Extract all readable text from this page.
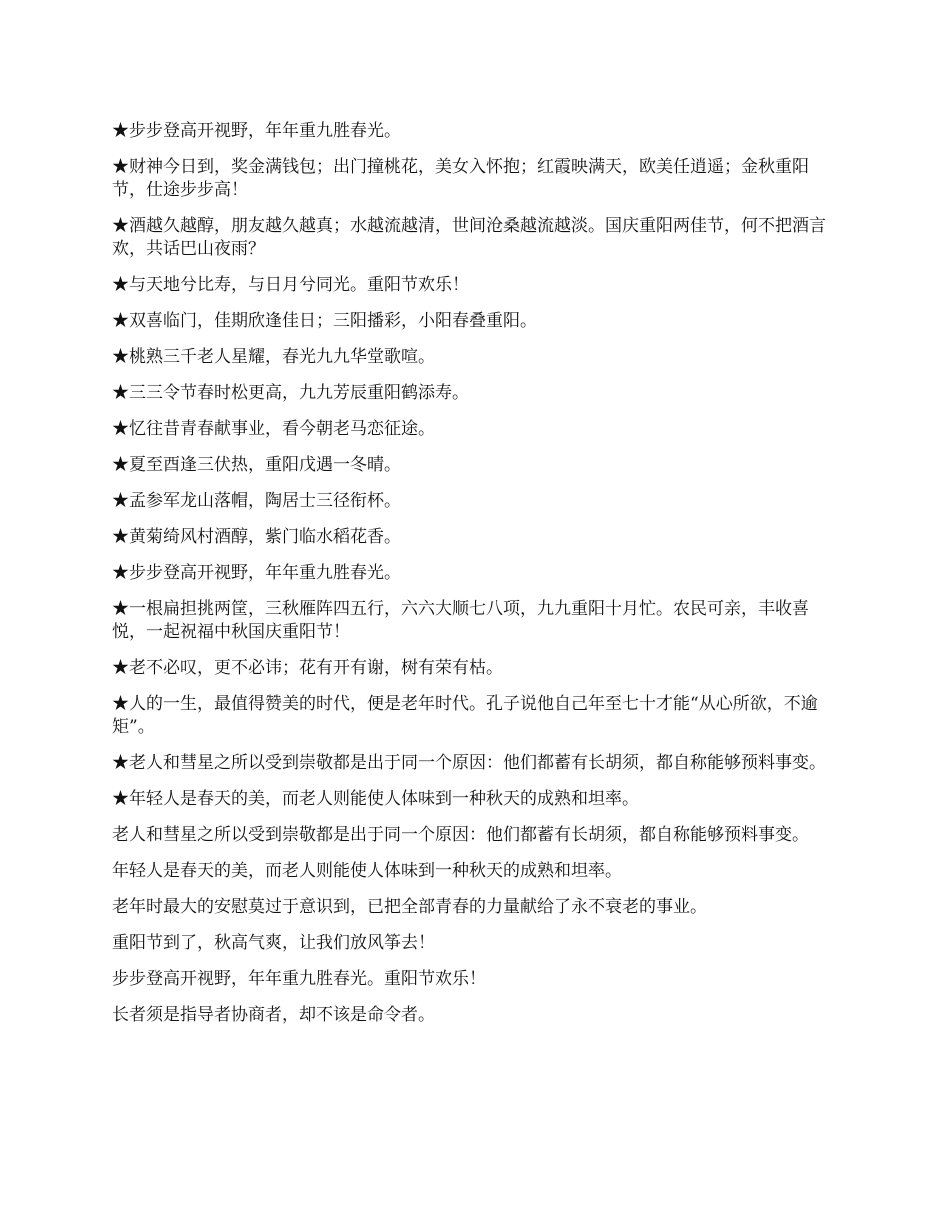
★步步登高开视野，年年重九胜春光。

★财神今日到，奖金满钱包；出门撞桃花，美女入怀抱；红霞映满天，欧美任逍遥；金秋重阳节，仕途步步高！

★酒越久越醇，朋友越久越真；水越流越清，世间沧桑越流越淡。国庆重阳两佳节，何不把酒言欢，共话巴山夜雨？

★与天地兮比寿，与日月兮同光。重阳节欢乐！

★双喜临门，佳期欣逢佳日；三阳播彩，小阳春叠重阳。

★桃熟三千老人星耀，春光九九华堂歌喧。

★三三令节春时松更高，九九芳辰重阳鹤添寿。

★忆往昔青春献事业，看今朝老马恋征途。

★夏至酉逢三伏热，重阳戊遇一冬晴。

★孟参军龙山落帽，陶居士三径衔杯。

★黄菊绮风村酒醇，紫门临水稻花香。

★步步登高开视野，年年重九胜春光。

★一根扁担挑两筐，三秋雁阵四五行，六六大顺七八项，九九重阳十月忙。农民可亲，丰收喜悦，一起祝福中秋国庆重阳节！

★老不必叹，更不必讳；花有开有谢，树有荣有枯。

★人的一生，最值得赞美的时代，便是老年时代。孔子说他自己年至七十才能“从心所欲，不逾矩”。

★老人和彗星之所以受到崇敬都是出于同一个原因：他们都蓄有长胡须，都自称能够预料事变。

★年轻人是春天的美，而老人则能使人体味到一种秋天的成熟和坦率。

老人和彗星之所以受到崇敬都是出于同一个原因：他们都蓄有长胡须，都自称能够预料事变。

年轻人是春天的美，而老人则能使人体味到一种秋天的成熟和坦率。

老年时最大的安慰莫过于意识到，已把全部青春的力量献给了永不衰老的事业。

重阳节到了，秋高气爽，让我们放风筝去！

步步登高开视野，年年重九胜春光。重阳节欢乐！

长者须是指导者协商者，却不该是命令者。
